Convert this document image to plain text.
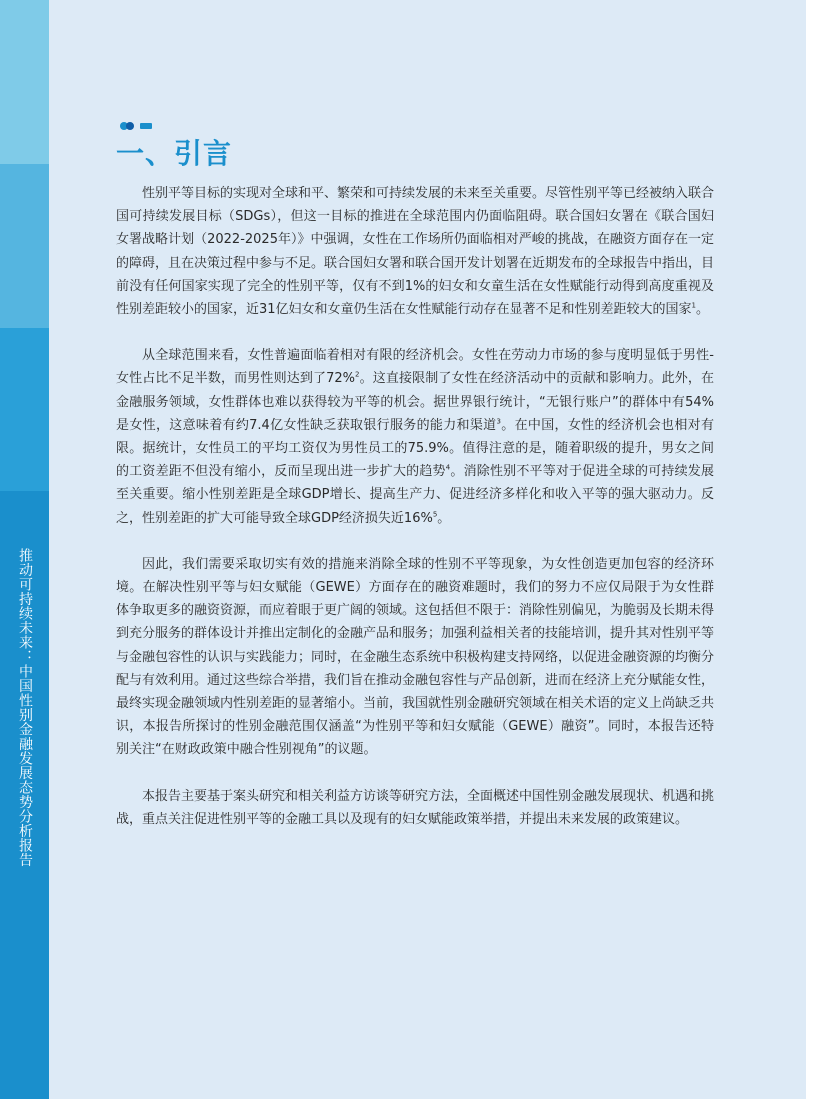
推动可持续未来：中国性别金融发展态势分析报告
一、引言

性别平等目标的实现对全球和平、繁荣和可持续发展的未来至关重要。尽管性别平等已经被纳入联合国可持续发展目标（SDGs），但这一目标的推进在全球范围内仍面临阻碍。联合国妇女署在《联合国妇女署战略计划（2022-2025年）》中强调，女性在工作场所仍面临相对严峻的挑战，在融资方面存在一定的障碍，且在决策过程中参与不足。联合国妇女署和联合国开发计划署在近期发布的全球报告中指出，目前没有任何国家实现了完全的性别平等，仅有不到1%的妇女和女童生活在女性赋能行动得到高度重视及性别差距较小的国家，近31亿妇女和女童仍生活在女性赋能行动存在显著不足和性别差距较大的国家$^1$。

从全球范围来看，女性普遍面临着相对有限的经济机会。女性在劳动力市场的参与度明显低于男性-女性占比不足半数，而男性则达到了72%$^2$。这直接限制了女性在经济活动中的贡献和影响力。此外，在金融服务领域，女性群体也难以获得较为平等的机会。据世界银行统计，“无银行账户”的群体中有54%是女性，这意味着有约7.4亿女性缺乏获取银行服务的能力和渠道$^3$。在中国，女性的经济机会也相对有限。据统计，女性员工的平均工资仅为男性员工的75.9%。值得注意的是，随着职级的提升，男女之间的工资差距不但没有缩小，反而呈现出进一步扩大的趋势$^4$。消除性别不平等对于促进全球的可持续发展至关重要。缩小性别差距是全球GDP增长、提高生产力、促进经济多样化和收入平等的强大驱动力。反之，性别差距的扩大可能导致全球GDP经济损失近16%$^5$。

因此，我们需要采取切实有效的措施来消除全球的性别不平等现象，为女性创造更加包容的经济环境。在解决性别平等与妇女赋能（GEWE）方面存在的融资难题时，我们的努力不应仅局限于为女性群体争取更多的融资资源，而应着眼于更广阔的领域。这包括但不限于：消除性别偏见，为脆弱及长期未得到充分服务的群体设计并推出定制化的金融产品和服务；加强利益相关者的技能培训，提升其对性别平等与金融包容性的认识与实践能力；同时，在金融生态系统中积极构建支持网络，以促进金融资源的均衡分配与有效利用。通过这些综合举措，我们旨在推动金融包容性与产品创新，进而在经济上充分赋能女性，最终实现金融领域内性别差距的显著缩小。当前，我国就性别金融研究领域在相关术语的定义上尚缺乏共识，本报告所探讨的性别金融范围仅涵盖“为性别平等和妇女赋能（GEWE）融资”。同时，本报告还特别关注“在财政政策中融合性别视角”的议题。

本报告主要基于案头研究和相关利益方访谈等研究方法，全面概述中国性别金融发展现状、机遇和挑战，重点关注促进性别平等的金融工具以及现有的妇女赋能政策举措，并提出未来发展的政策建议。
